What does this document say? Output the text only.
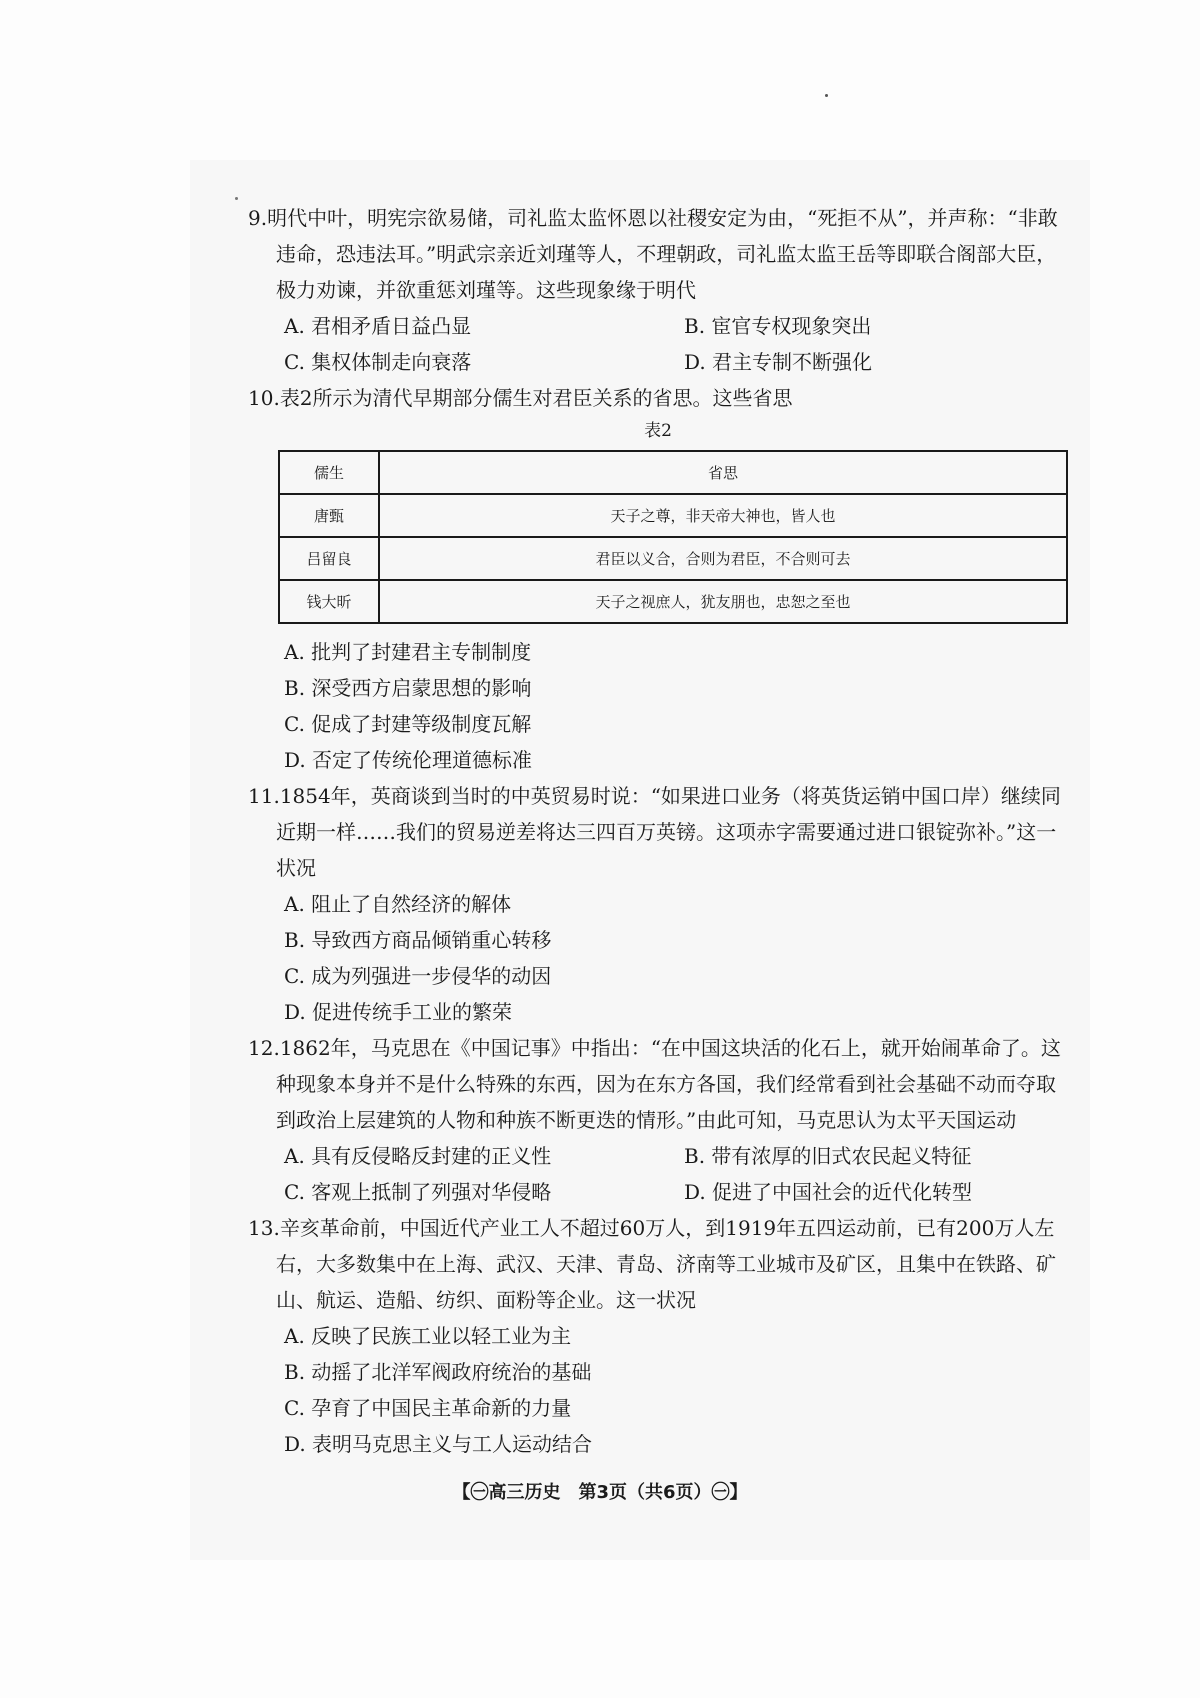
9.明代中叶，明宪宗欲易储，司礼监太监怀恩以社稷安定为由，“死拒不从”，并声称：“非敢违命，恐违法耳。”明武宗亲近刘瑾等人，不理朝政，司礼监太监王岳等即联合阁部大臣，极力劝谏，并欲重惩刘瑾等。这些现象缘于明代

A. 君相矛盾日益凸显	B. 宦官专权现象突出
C. 集权体制走向衰落	D. 君主专制不断强化

10.表2所示为清代早期部分儒生对君臣关系的省思。这些省思

表2

儒生	省思
唐甄	天子之尊，非天帝大神也，皆人也
吕留良	君臣以义合，合则为君臣，不合则可去
钱大昕	天子之视庶人，犹友朋也，忠恕之至也
A. 批判了封建君主专制制度
B. 深受西方启蒙思想的影响
C. 促成了封建等级制度瓦解
D. 否定了传统伦理道德标准

11.1854年，英商谈到当时的中英贸易时说：“如果进口业务（将英货运销中国口岸）继续同近期一样……我们的贸易逆差将达三四百万英镑。这项赤字需要通过进口银锭弥补。”这一状况

A. 阻止了自然经济的解体
B. 导致西方商品倾销重心转移
C. 成为列强进一步侵华的动因
D. 促进传统手工业的繁荣

12.1862年，马克思在《中国记事》中指出：“在中国这块活的化石上，就开始闹革命了。这种现象本身并不是什么特殊的东西，因为在东方各国，我们经常看到社会基础不动而夺取到政治上层建筑的人物和种族不断更迭的情形。”由此可知，马克思认为太平天国运动

A. 具有反侵略反封建的正义性	B. 带有浓厚的旧式农民起义特征
C. 客观上抵制了列强对华侵略	D. 促进了中国社会的近代化转型

13.辛亥革命前，中国近代产业工人不超过60万人，到1919年五四运动前，已有200万人左右，大多数集中在上海、武汉、天津、青岛、济南等工业城市及矿区，且集中在铁路、矿山、航运、造船、纺织、面粉等企业。这一状况

A. 反映了民族工业以轻工业为主
B. 动摇了北洋军阀政府统治的基础
C. 孕育了中国民主革命新的力量
D. 表明马克思主义与工人运动结合
【㊀高三历史　第3页（共6页）㊀】
